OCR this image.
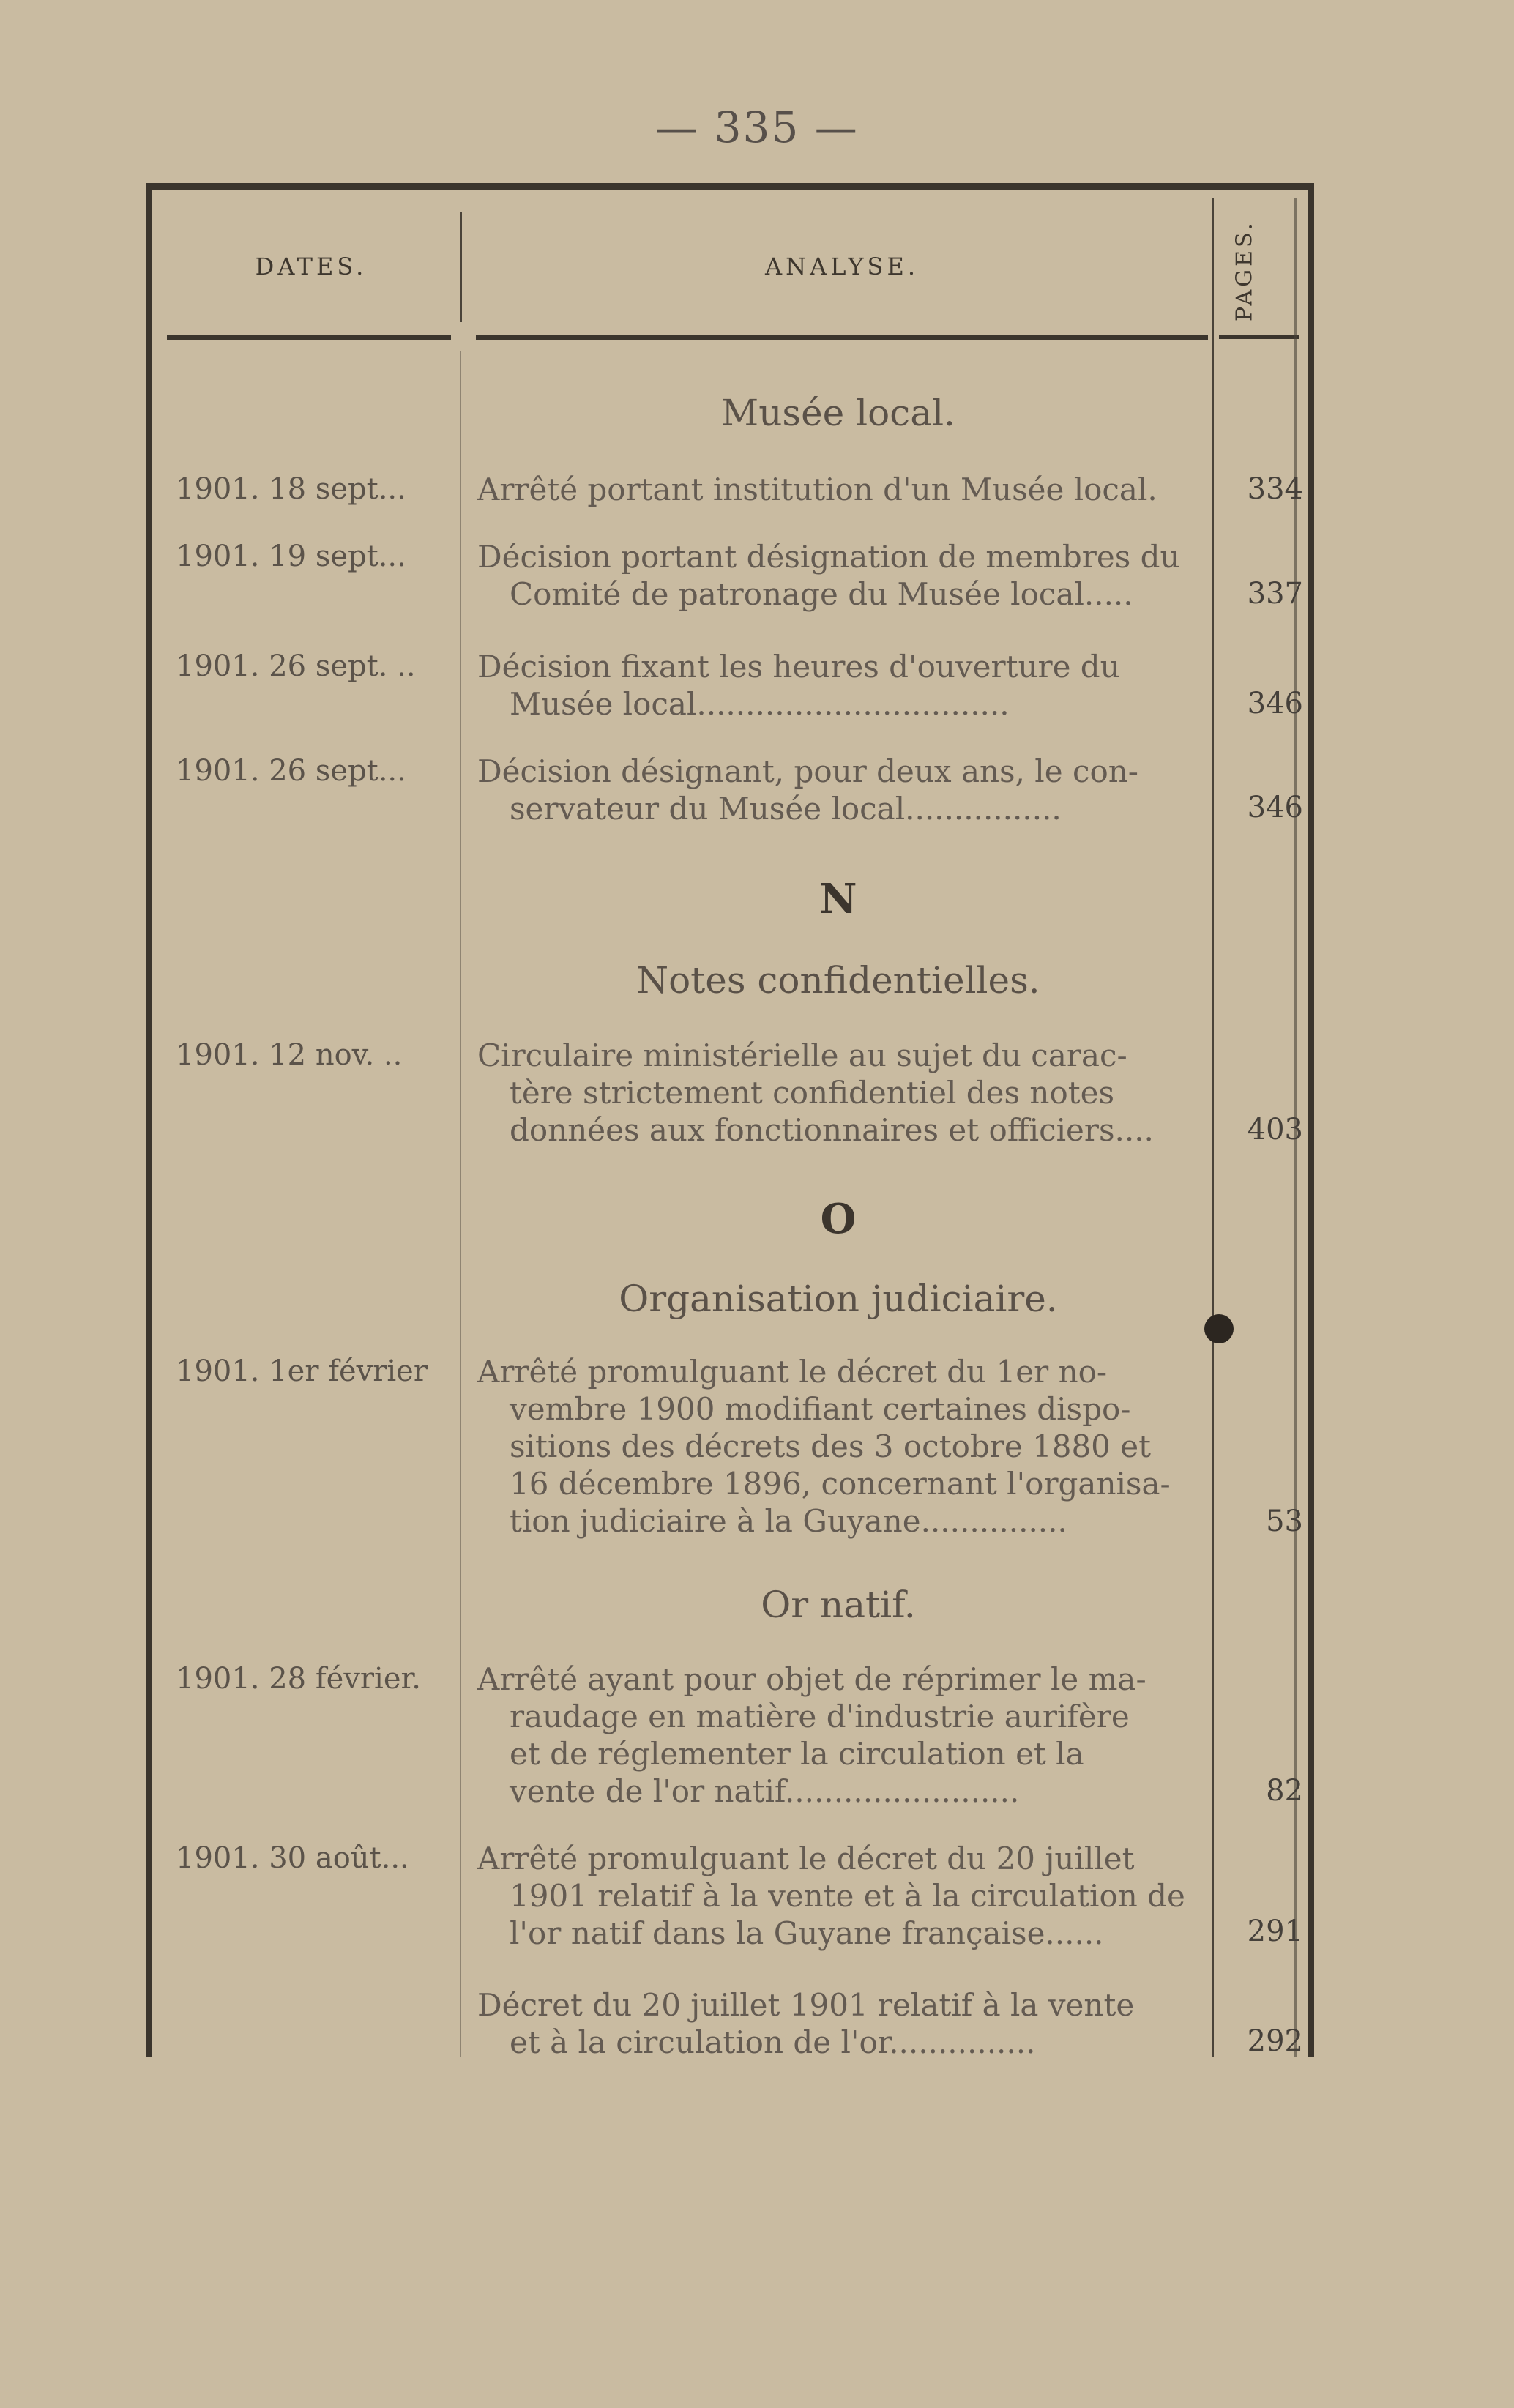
— 335 —
DATES.	ANALYSE.	PAGES.
Musée local.
1901. 18 sept...	Arrêté portant institution d'un Musée local.	334
1901. 19 sept...	Décision portant désignation de membres du
Comité de patronage du Musée local.....	337
1901. 26 sept. ..	Décision fixant les heures d'ouverture du
Musée local................................	346
1901. 26 sept...	Décision désignant, pour deux ans, le con-
servateur du Musée local................	346
N
Notes confidentielles.
1901. 12 nov. ..	Circulaire ministérielle au sujet du carac-
tère strictement confidentiel des notes
données aux fonctionnaires et officiers....	403
O
Organisation judiciaire.
1901. 1er février	Arrêté promulguant le décret du 1er no-
vembre 1900 modifiant certaines dispo-
sitions des décrets des 3 octobre 1880 et
16 décembre 1896, concernant l'organisa-
tion judiciaire à la Guyane...............	53
Or natif.
1901. 28 février.	Arrêté ayant pour objet de réprimer le ma-
raudage en matière d'industrie aurifère
et de réglementer la circulation et la
vente de l'or natif........................	82
1901. 30 août...	Arrêté promulguant le décret du 20 juillet
1901 relatif à la vente et à la circulation de
l'or natif dans la Guyane française......	291
Décret du 20 juillet 1901 relatif à la vente
et à la circulation de l'or...............	292
